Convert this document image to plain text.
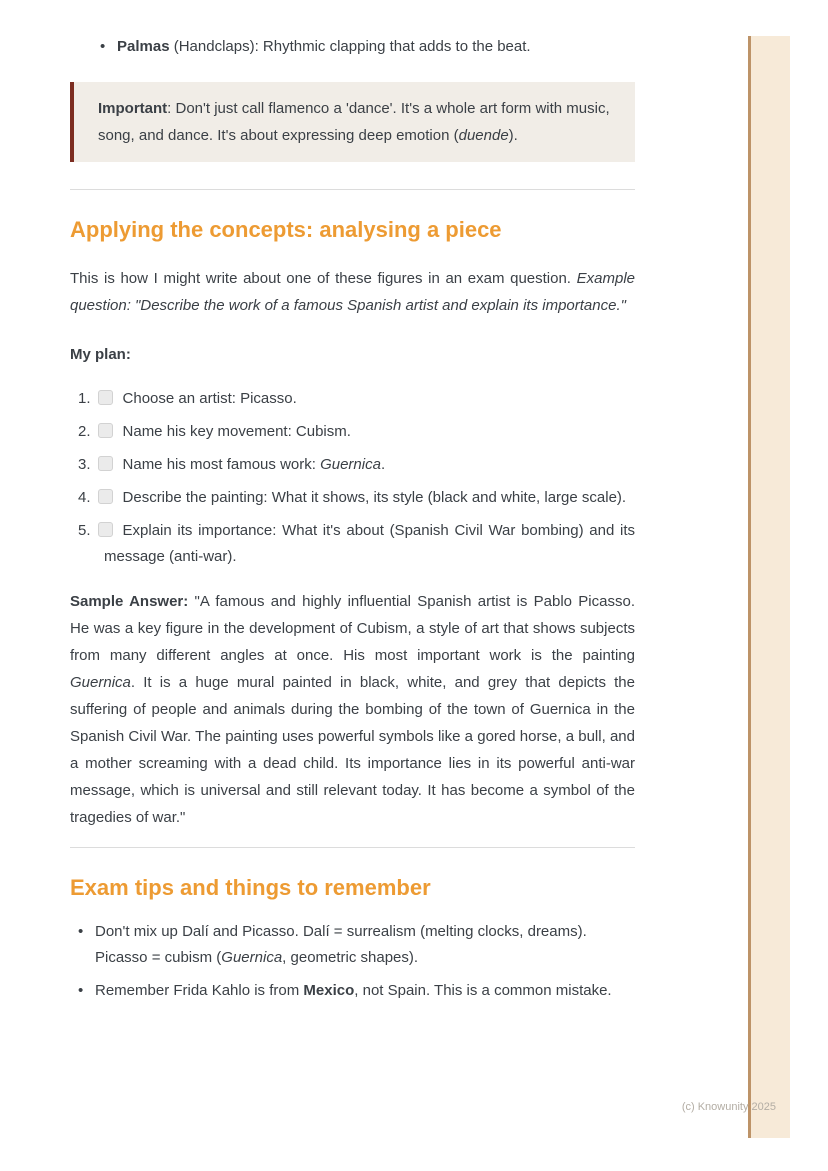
• Palmas (Handclaps): Rhythmic clapping that adds to the beat.
Important: Don't just call flamenco a 'dance'. It's a whole art form with music, song, and dance. It's about expressing deep emotion (duende).
Applying the concepts: analysing a piece

This is how I might write about one of these figures in an exam question. Example question: "Describe the work of a famous Spanish artist and explain its importance."

My plan:
1. Choose an artist: Picasso.
2. Name his key movement: Cubism.
3. Name his most famous work: Guernica.
4. Describe the painting: What it shows, its style (black and white, large scale).
5. Explain its importance: What it's about (Spanish Civil War bombing) and its message (anti-war).

Sample Answer: "A famous and highly influential Spanish artist is Pablo Picasso. He was a key figure in the development of Cubism, a style of art that shows subjects from many different angles at once. His most important work is the painting Guernica. It is a huge mural painted in black, white, and grey that depicts the suffering of people and animals during the bombing of the town of Guernica in the Spanish Civil War. The painting uses powerful symbols like a gored horse, a bull, and a mother screaming with a dead child. Its importance lies in its powerful anti-war message, which is universal and still relevant today. It has become a symbol of the tragedies of war."

Exam tips and things to remember
• Don't mix up Dalí and Picasso. Dalí = surrealism (melting clocks, dreams). Picasso = cubism (Guernica, geometric shapes).
• Remember Frida Kahlo is from Mexico, not Spain. This is a common mistake.
(c) Knowunity 2025
